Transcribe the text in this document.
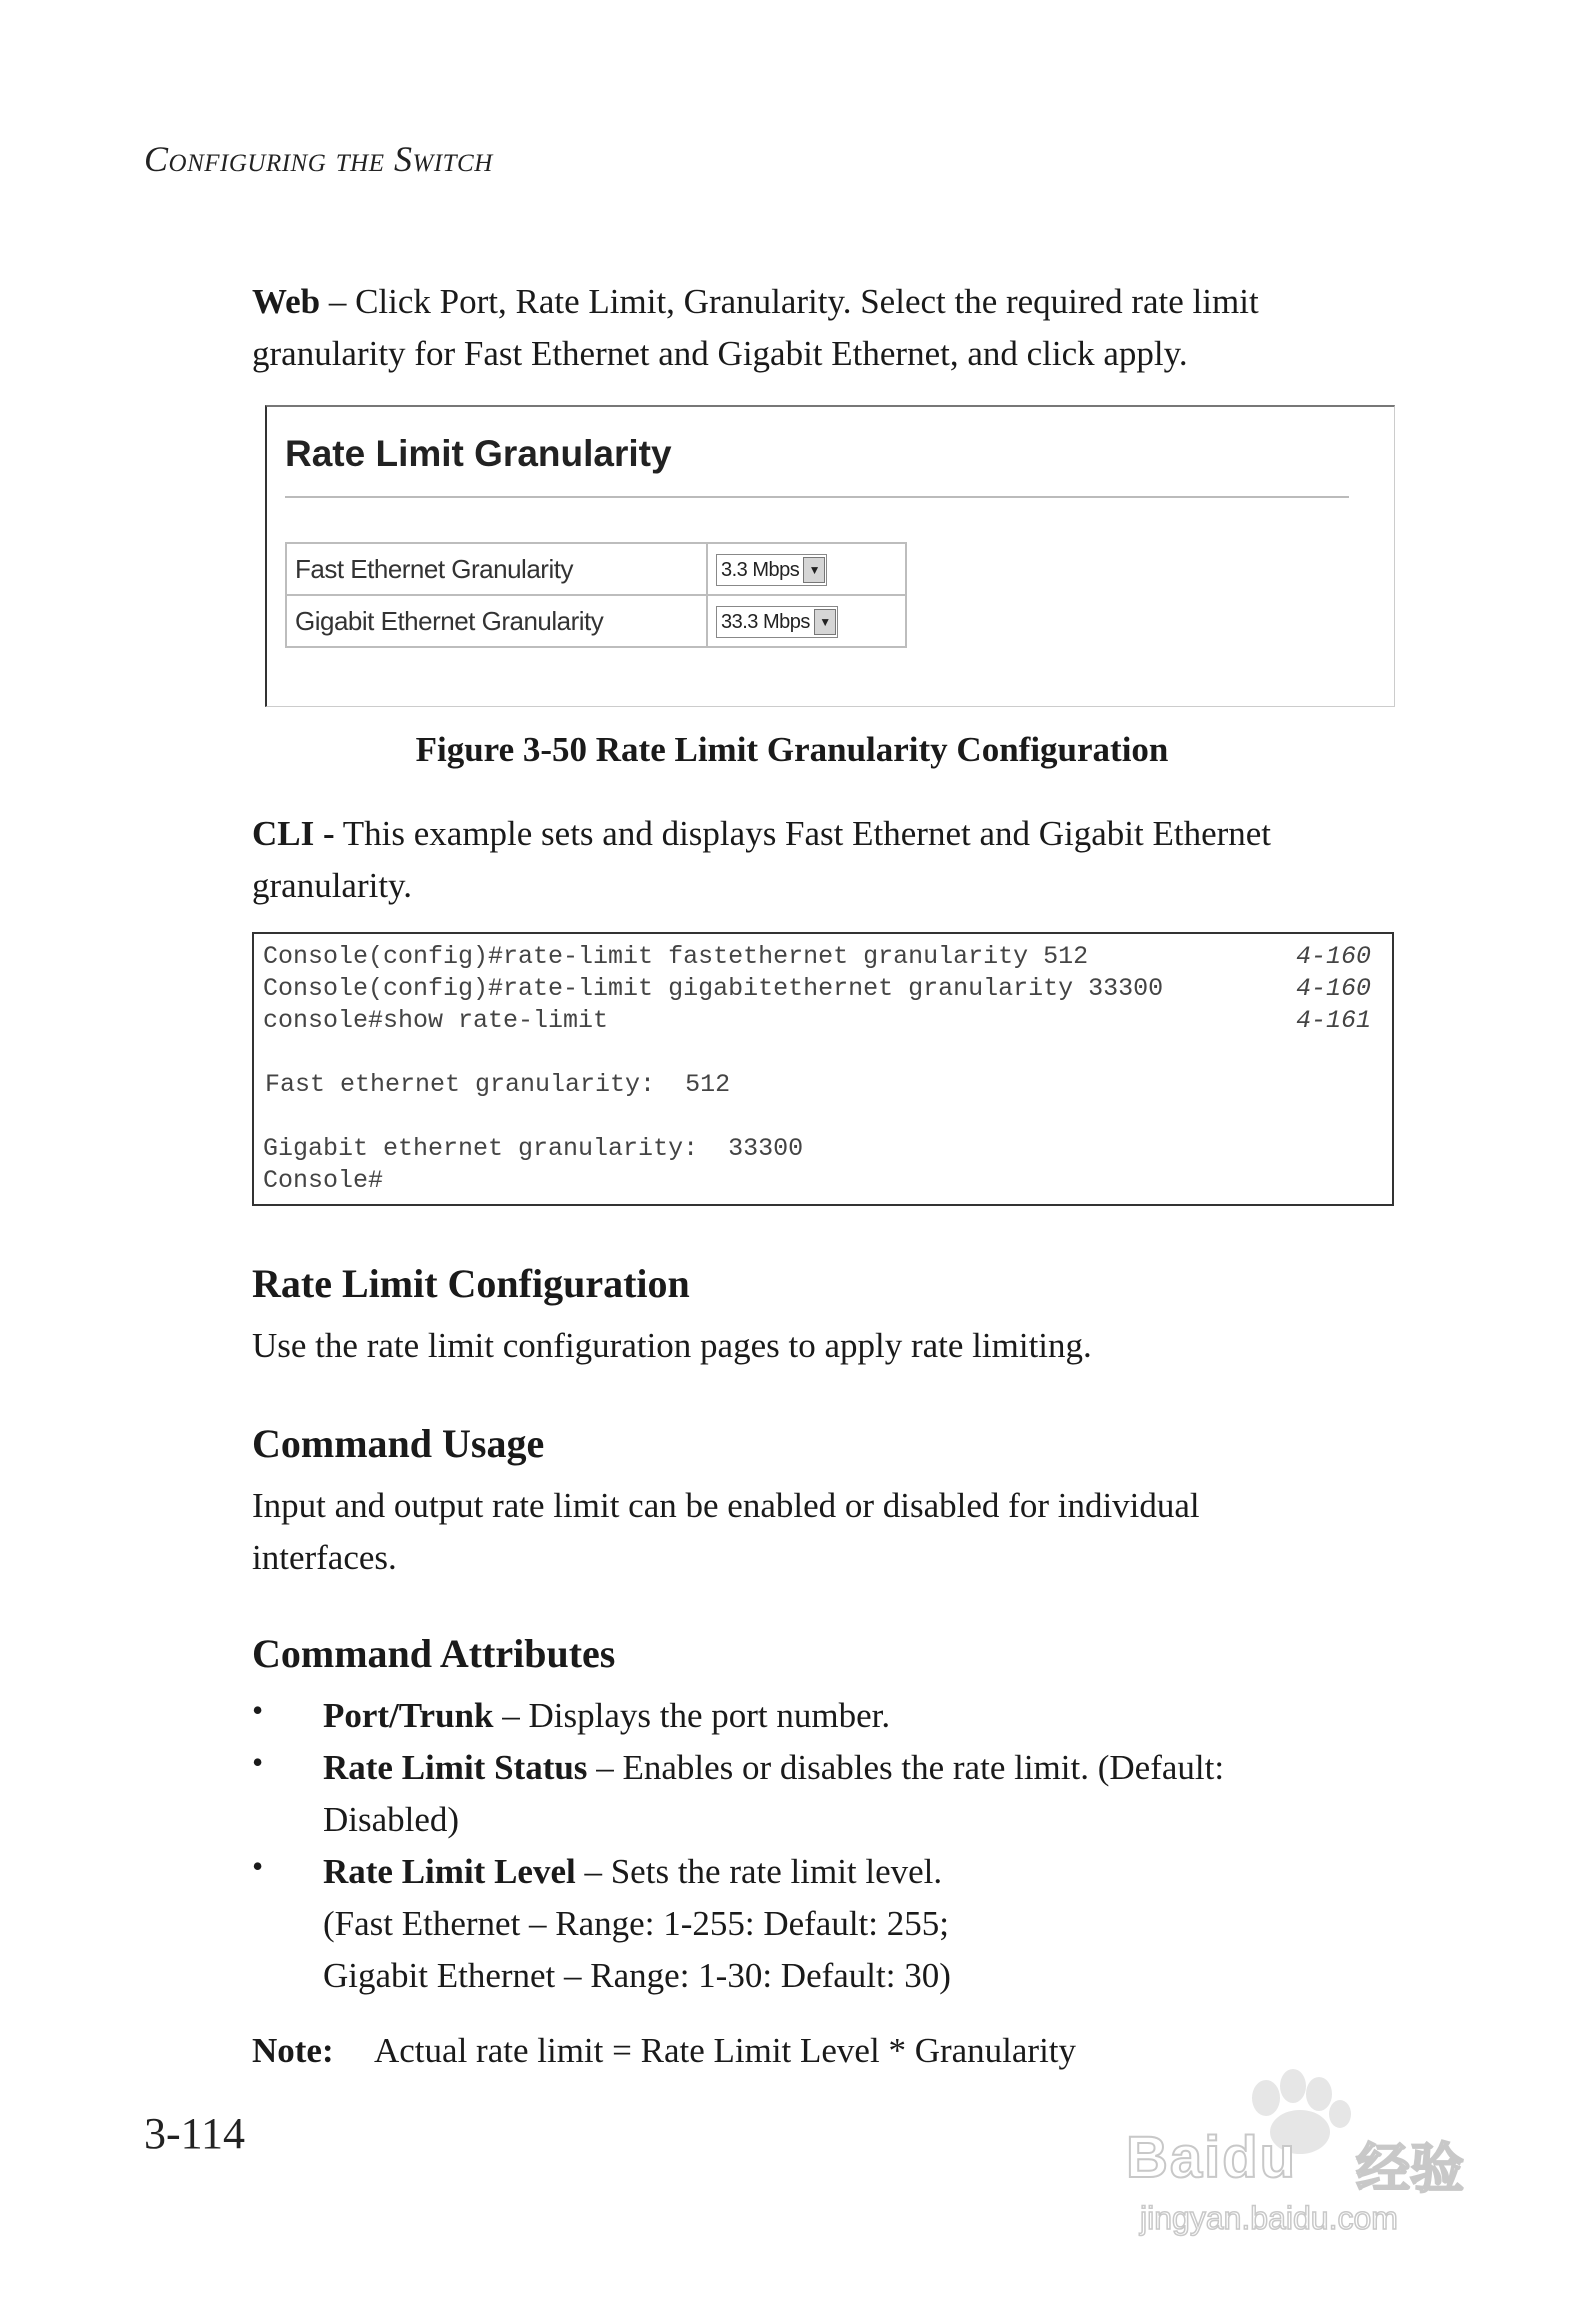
Configuring the Switch
Web – Click Port, Rate Limit, Granularity. Select the required rate limit granularity for Fast Ethernet and Gigabit Ethernet, and click apply.
Rate Limit Granularity
Fast Ethernet Granularity	3.3 Mbps ▼

Gigabit Ethernet Granularity	33.3 Mbps ▼
Figure 3-50 Rate Limit Granularity Configuration
CLI - This example sets and displays Fast Ethernet and Gigabit Ethernet granularity.
Console(config)#rate-limit fastethernet granularity 512	4-160
Console(config)#rate-limit gigabitethernet granularity 33300	4-160
console#show rate-limit	4-161
Fast ethernet granularity:  512
Gigabit ethernet granularity:  33300
Console#
Rate Limit Configuration
Use the rate limit configuration pages to apply rate limiting.
Command Usage
Input and output rate limit can be enabled or disabled for individual interfaces.
Command Attributes
• Port/Trunk – Displays the port number.
• Rate Limit Status – Enables or disables the rate limit. (Default: Disabled)
• Rate Limit Level – Sets the rate limit level.
(Fast Ethernet – Range: 1-255: Default: 255;
Gigabit Ethernet – Range: 1-30: Default: 30)
Note: Actual rate limit = Rate Limit Level * Granularity
3-114	Baidu 经验
jingyan.baidu.com
